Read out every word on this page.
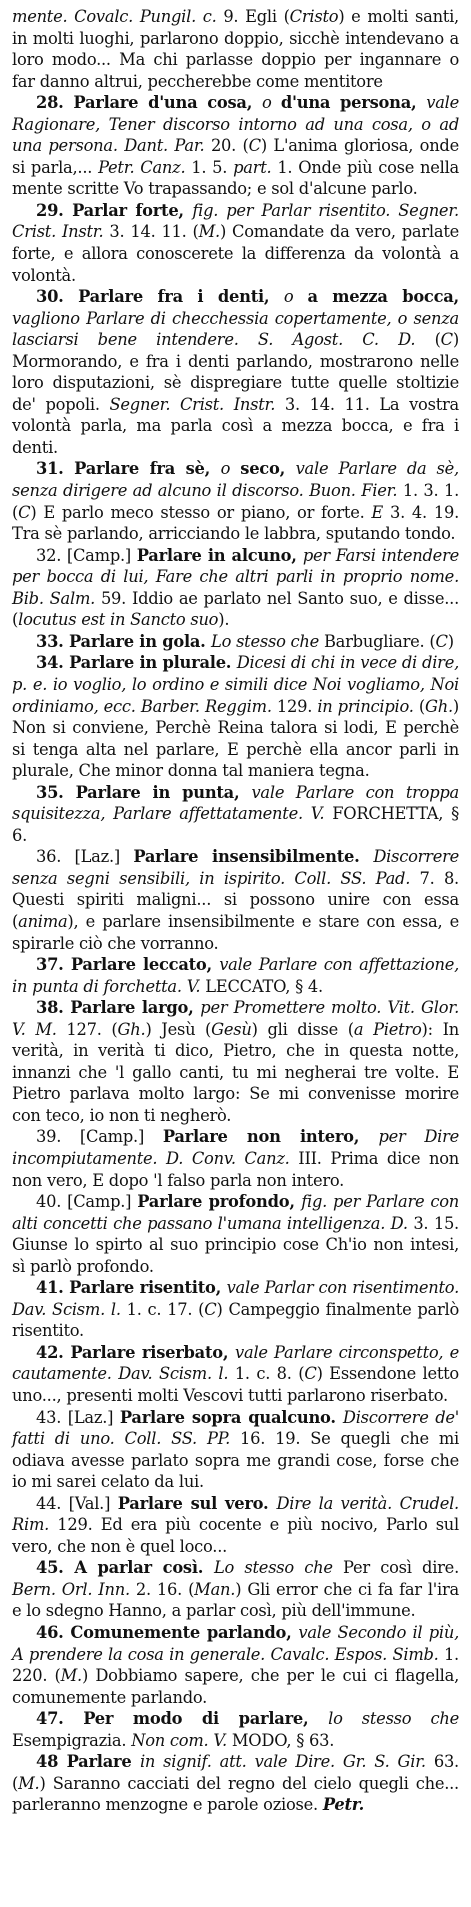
mente. Covalc. Pungil. c. 9. Egli (Cristo) e molti santi, in molti luoghi, parlarono doppio, sicchè intendevano a loro modo... Ma chi parlasse doppio per ingannare o far danno altrui, peccherebbe come mentitore

28. Parlare d'una cosa, o d'una persona, vale Ragionare, Tener discorso intorno ad una cosa, o ad una persona. Dant. Par. 20. (C) L'anima gloriosa, onde si parla,... Petr. Canz. 1. 5. part. 1. Onde più cose nella mente scritte Vo trapassando; e sol d'alcune parlo.

29. Parlar forte, fig. per Parlar risentito. Segner. Crist. Instr. 3. 14. 11. (M.) Comandate da vero, parlate forte, e allora conoscerete la differenza da volontà a volontà.

30. Parlare fra i denti, o a mezza bocca, vagliono Parlare di checchessia copertamente, o senza lasciarsi bene intendere. S. Agost. C. D. (C) Mormorando, e fra i denti parlando, mostrarono nelle loro disputazioni, sè dispregiare tutte quelle stoltizie de' popoli. Segner. Crist. Instr. 3. 14. 11. La vostra volontà parla, ma parla così a mezza bocca, e fra i denti.

31. Parlare fra sè, o seco, vale Parlare da sè, senza dirigere ad alcuno il discorso. Buon. Fier. 1. 3. 1. (C) E parlo meco stesso or piano, or forte. E 3. 4. 19. Tra sè parlando, arricciando le labbra, sputando tondo.

32. [Camp.] Parlare in alcuno, per Farsi intendere per bocca di lui, Fare che altri parli in proprio nome. Bib. Salm. 59. Iddio ae parlato nel Santo suo, e disse... (locutus est in Sancto suo).

33. Parlare in gola. Lo stesso che Barbugliare. (C)

34. Parlare in plurale. Dicesi di chi in vece di dire, p. e. io voglio, lo ordino e simili dice Noi vogliamo, Noi ordiniamo, ecc. Barber. Reggim. 129. in principio. (Gh.) Non si conviene, Perchè Reina talora si lodi, E perchè si tenga alta nel parlare, E perchè ella ancor parli in plurale, Che minor donna tal maniera tegna.

35. Parlare in punta, vale Parlare con troppa squisitezza, Parlare affettatamente. V. FORCHETTA, § 6.

36. [Laz.] Parlare insensibilmente. Discorrere senza segni sensibili, in ispirito. Coll. SS. Pad. 7. 8. Questi spiriti maligni... si possono unire con essa (anima), e parlare insensibilmente e stare con essa, e spirarle ciò che vorranno.

37. Parlare leccato, vale Parlare con affettazione, in punta di forchetta. V. LECCATO, § 4.

38. Parlare largo, per Promettere molto. Vit. Glor. V. M. 127. (Gh.) Jesù (Gesù) gli disse (a Pietro): In verità, in verità ti dico, Pietro, che in questa notte, innanzi che 'l gallo canti, tu mi negherai tre volte. E Pietro parlava molto largo: Se mi convenisse morire con teco, io non ti negherò.

39. [Camp.] Parlare non intero, per Dire incompiutamente. D. Conv. Canz. III. Prima dice non non vero, E dopo 'l falso parla non intero.

40. [Camp.] Parlare profondo, fig. per Parlare con alti concetti che passano l'umana intelligenza. D. 3. 15. Giunse lo spirto al suo principio cose Ch'io non intesi, sì parlò profondo.

41. Parlare risentito, vale Parlar con risentimento. Dav. Scism. l. 1. c. 17. (C) Campeggio finalmente parlò risentito.

42. Parlare riserbato, vale Parlare circonspetto, e cautamente. Dav. Scism. l. 1. c. 8. (C) Essendone letto uno..., presenti molti Vescovi tutti parlarono riserbato.

43. [Laz.] Parlare sopra qualcuno. Discorrere de' fatti di uno. Coll. SS. PP. 16. 19. Se quegli che mi odiava avesse parlato sopra me grandi cose, forse che io mi sarei celato da lui.

44. [Val.] Parlare sul vero. Dire la verità. Crudel. Rim. 129. Ed era più cocente e più nocivo, Parlo sul vero, che non è quel loco...

45. A parlar così. Lo stesso che Per così dire. Bern. Orl. Inn. 2. 16. (Man.) Gli error che ci fa far l'ira e lo sdegno Hanno, a parlar così, più dell'immune.

46. Comunemente parlando, vale Secondo il più, A prendere la cosa in generale. Cavalc. Espos. Simb. 1. 220. (M.) Dobbiamo sapere, che per le cui ci flagella, comunemente parlando.

47. Per modo di parlare, lo stesso che Esempigrazia. Non com. V. MODO, § 63.

48 Parlare in signif. att. vale Dire. Gr. S. Gir. 63. (M.) Saranno cacciati del regno del cielo quegli che... parleranno menzogne e parole oziose. Petr.
